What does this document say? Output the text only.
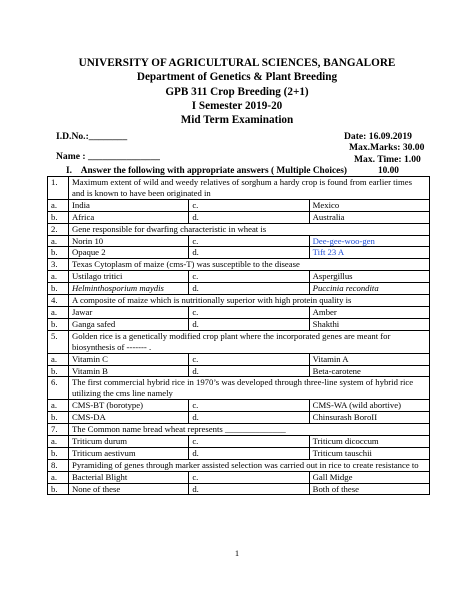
UNIVERSITY OF AGRICULTURAL SCIENCES, BANGALORE
Department of Genetics & Plant Breeding
GPB 311 Crop Breeding (2+1)
I Semester 2019-20
Mid Term Examination
I.D.No.:________	Date: 16.09.2019
Name : _______________
Max.Marks: 30.00
Max. Time: 1.00
I. Answer the following with appropriate answers ( Multiple Choices)	10.00
1.	Maximum extent of wild and weedy relatives of sorghum a hardy crop is found from earlier times and is known to have been originated in		
a.	India	c.	Mexico
b.	Africa	d.	Australia
2.	Gene responsible for dwarfing characteristic in wheat is		
a.	Norin 10	c.	Dee-gee-woo-gen
b.	Opaque 2	d.	Tift 23 A
3.	Texas Cytoplasm of maize (cms-T) was susceptible to the disease		
a.	Ustilago tritici	c.	Aspergillus
b.	Helminthosporium maydis	d.	Puccinia recondita
4.	A composite of maize which is nutritionally superior with high protein quality is		
a.	Jawar	c.	Amber
b.	Ganga safed	d.	Shakthi
5.	Golden rice is a genetically modified crop plant where the incorporated genes are meant for biosynthesis of ------- .		
a.	Vitamin C	c.	Vitamin A
b.	Vitamin B	d.	Beta-carotene
6.	The first commercial hybrid rice in 1970’s was developed through three-line system of hybrid rice utilizing the cms line namely		
a.	CMS-BT (borotype)	c.	CMS-WA (wild abortive)
b.	CMS-DA	d.	Chinsurash BoroII
7.	The Common name bread wheat represents ______________		
a.	Triticum durum	c.	Triticum dicoccum
b.	Triticum aestivum	d.	Triticum tauschii
8.	Pyramiding of genes through marker assisted selection was carried out in rice to create resistance to		
a.	Bacterial Blight	c.	Gall Midge
b.	None of these	d.	Both of these
1
